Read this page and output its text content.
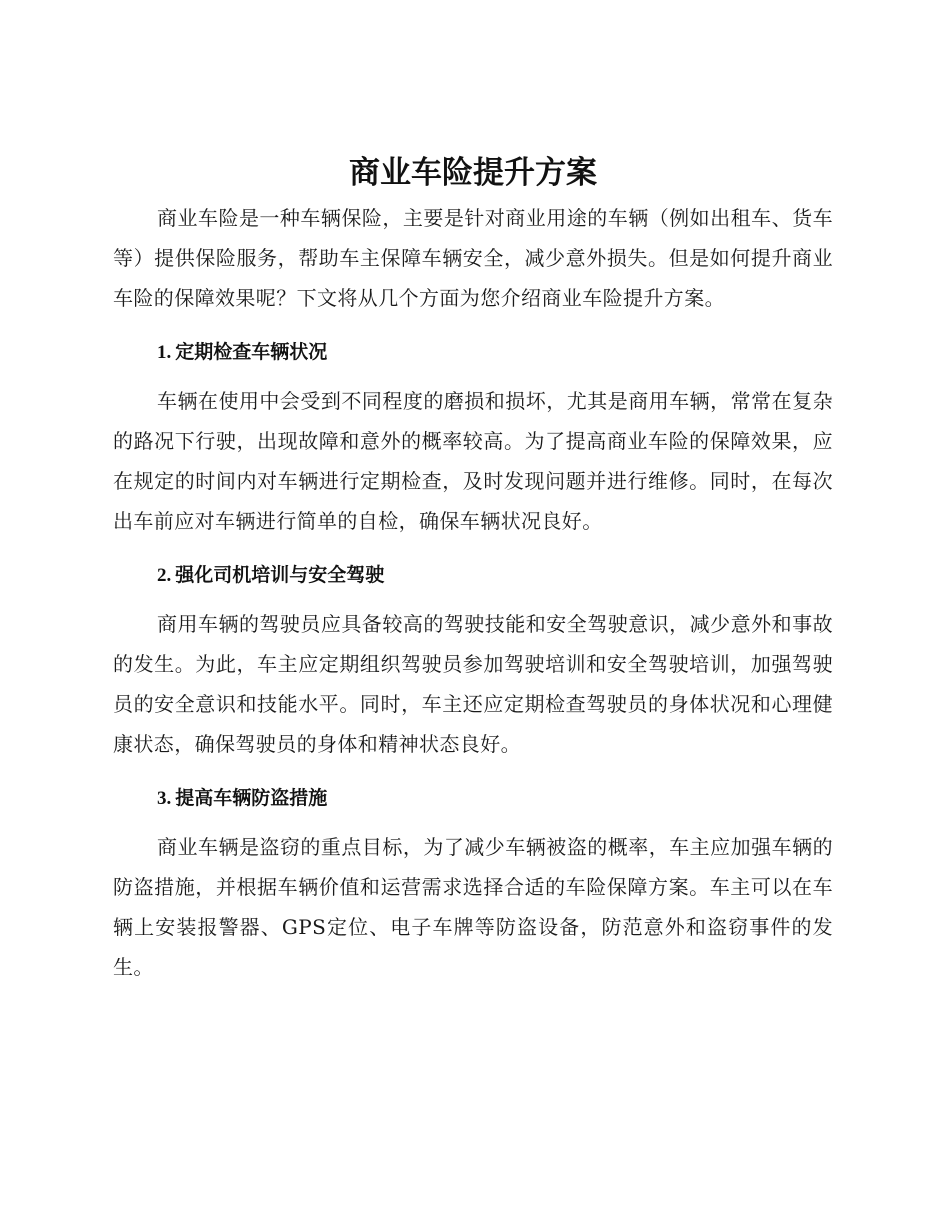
商业车险提升方案

商业车险是一种车辆保险，主要是针对商业用途的车辆（例如出租车、货车等）提供保险服务，帮助车主保障车辆安全，减少意外损失。但是如何提升商业车险的保障效果呢？下文将从几个方面为您介绍商业车险提升方案。

1. 定期检查车辆状况

车辆在使用中会受到不同程度的磨损和损坏，尤其是商用车辆，常常在复杂的路况下行驶，出现故障和意外的概率较高。为了提高商业车险的保障效果，应在规定的时间内对车辆进行定期检查，及时发现问题并进行维修。同时，在每次出车前应对车辆进行简单的自检，确保车辆状况良好。

2. 强化司机培训与安全驾驶

商用车辆的驾驶员应具备较高的驾驶技能和安全驾驶意识，减少意外和事故的发生。为此，车主应定期组织驾驶员参加驾驶培训和安全驾驶培训，加强驾驶员的安全意识和技能水平。同时，车主还应定期检查驾驶员的身体状况和心理健康状态，确保驾驶员的身体和精神状态良好。

3. 提高车辆防盗措施

商业车辆是盗窃的重点目标，为了减少车辆被盗的概率，车主应加强车辆的防盗措施，并根据车辆价值和运营需求选择合适的车险保障方案。车主可以在车辆上安装报警器、GPS定位、电子车牌等防盗设备，防范意外和盗窃事件的发生。
